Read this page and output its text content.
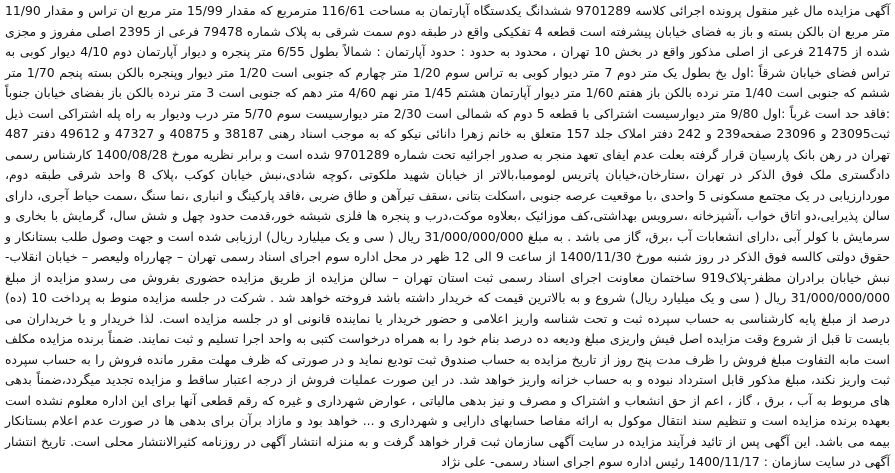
آگهی مزایده مال غیر منقول پرونده اجرائی کلاسه 9701289 ششدانگ یکدستگاه آپارتمان به مساحت 116/61 مترمربع که مقدار 15/99 متر مربع ان تراس و مقدار 11/90 متر مربع ان بالکن بسته و باز به فضای خیابان پیشرفته است قطعه 4 تفکیکی واقع در طبقه دوم سمت شرقی به پلاک شماره 79478 فرعی از 2395 اصلی مفروز و مجزی شده از 21475 فرعی از اصلی مذکور واقع در بخش 10 تهران ، محدود به حدود : حدود آپارتمان : شمالاً بطول 6/55 متر پنجره و دیوار آپارتمان دوم 4/10 دیوار کوبی به تراس فضای خیابان شرقاً :اول بخ بطول یک متر دوم 7 متر دیوار کوبی به تراس سوم 1/20 متر چهارم که جنوبی است 1/20 متر دیوار وپنجره بالکن بسته پنجم 1/70 متر ششم که جنوبی است 1/40 متر نرده بالکن باز هفتم 1/60 متر دیوار آپارتمان هشتم 1/45 متر نهم 4/60 متر دهم که جنوبی است 3 متر نرده بالکن باز بفضای خیابان جنوباً :فاقد حد است غرباً :اول 9/80 متر دیوارسیست اشتراکی با قطعه 5 دوم که شمالی است 2/30 متر دیوارسیست سوم 5/70 متر درب ودیوار به راه پله اشتراکی است ذیل ثبت23095 و 23096 صفحه239 و 242 دفتر املاک جلد 157 متعلق به خانم زهرا دانائی نیکو که به موجب اسناد رهنی 38187 و 40875 و 47327 و 49612 دفتر 487 تهران در رهن بانک پارسیان قرار گرفته بعلت عدم ایفای تعهد منجر به صدور اجرائیه تحت شماره 9701289 شده است و برابر نظریه مورخ 1400/08/28 کارشناس رسمی دادگستری ملک فوق الذکر در تهران ،ستارخان،خیابان پاتریس لومومبا،بالاتر از خیابان شهید ملکوتی ،کوچه شادی،نبش خیابان کوکب ،پلاک 8 واحد شرقی طبقه دوم، موردارزیابی در یک مجتمع مسکونی 5 واحدی ،با موقعیت عرصه جنوبی ،اسکلت بتانی ،سقف تیرآهن و طاق ضربی ،فاقد پارکینگ و انباری ،نما سنگ ،سمت حیاط آجری، دارای سالن پذیرایی،دو اتاق خواب ،آشپزخانه ،سرویس بهداشتی،کف موزائیک ،بعلاوه موکت،درب و پنجره ها فلزی شیشه خور،قدمت حدود چهل و شش سال، گرمایش با بخاری و سرمایش با کولر آبی ،دارای انشعابات آب ،برق، گاز می باشد . به مبلغ 31/000/000/000 ریال ( سی و یک میلیارد ریال) ارزیابی شده است و جهت وصول طلب بستانکار و حقوق دولتی کالسه فوق الذکر در روز شنبه مورخ 1400/11/30 از ساعت 9 الی 12 ظهر در محل اداره سوم اجرای اسناد رسمی تهران – چهارراه ولیعصر – خیابان انقلاب-نبش خیابان برادران مظفر-پلاک919 ساختمان معاونت اجرای اسناد رسمی ثبت استان تهران – سالن مزایده از طریق مزایده حضوری بفروش می رسدو مزایده از مبلغ 31/000/000/000 ریال ( سی و یک میلیارد ریال) شروع و به بالاترین قیمت که خریدار داشته باشد فروخته خواهد شد . شرکت در جلسه مزایده منوط به پرداخت 10 (ده) درصد از مبلغ پایه کارشناسی به حساب سپرده ثبت و تحت شناسه واریز اعلامی و حضور خریدار یا نماینده قانونی او در جلسه مزایده است. لذا خریدار و یا خریداران می بایست تا قبل از شروع وقت مزایده اصل فیش واریزی مبلغ ودیعه ده درصد بنام خود را به همراه درخواست کتبی به واحد اجرا تسلیم و ثبت نمایند. ضمناً برنده مزایده مکلف است مابه التفاوت مبلغ فروش را ظرف مدت پنج روز از تاریخ مزایده به حساب صندوق ثبت تودیع نماید و در صورتی که ظرف مهلت مقرر مانده فروش را به حساب سپرده ثبت واریز نکند، مبلغ مذکور قابل استرداد نبوده و به حساب خزانه واریز خواهد شد. در این صورت عملیات فروش از درجه اعتبار ساقط و مزایده تجدید میگردد،ضمناً بدهی های مربوط به آب ، برق ، گاز ، اعم از حق انشعاب و اشتراک و مصرف و نیز بدهی مالیاتی ، عوارض شهرداری و غیره که رقم قطعی آنها برای این اداره معلوم نشده است بعهده برنده مزایده است و تنظیم سند انتقال موکول به ارائه مفاصا حسابهای دارایی و شهرداری و ... خواهد بود و مازاد برآن برای بدهی ها در صورت عدم اعلام بستانکار بیمه می باشد. این آگهی پس از تائید فرآیند مزایده در سایت آگهی سازمان ثبت قرار خواهد گرفت و به منزله انتشار آگهی در روزنامه کثیرالانتشار محلی است. تاریخ انتشار آگهی در سایت سازمان : 1400/11/17 رئیس اداره سوم اجرای اسناد رسمی- علی نژاد
